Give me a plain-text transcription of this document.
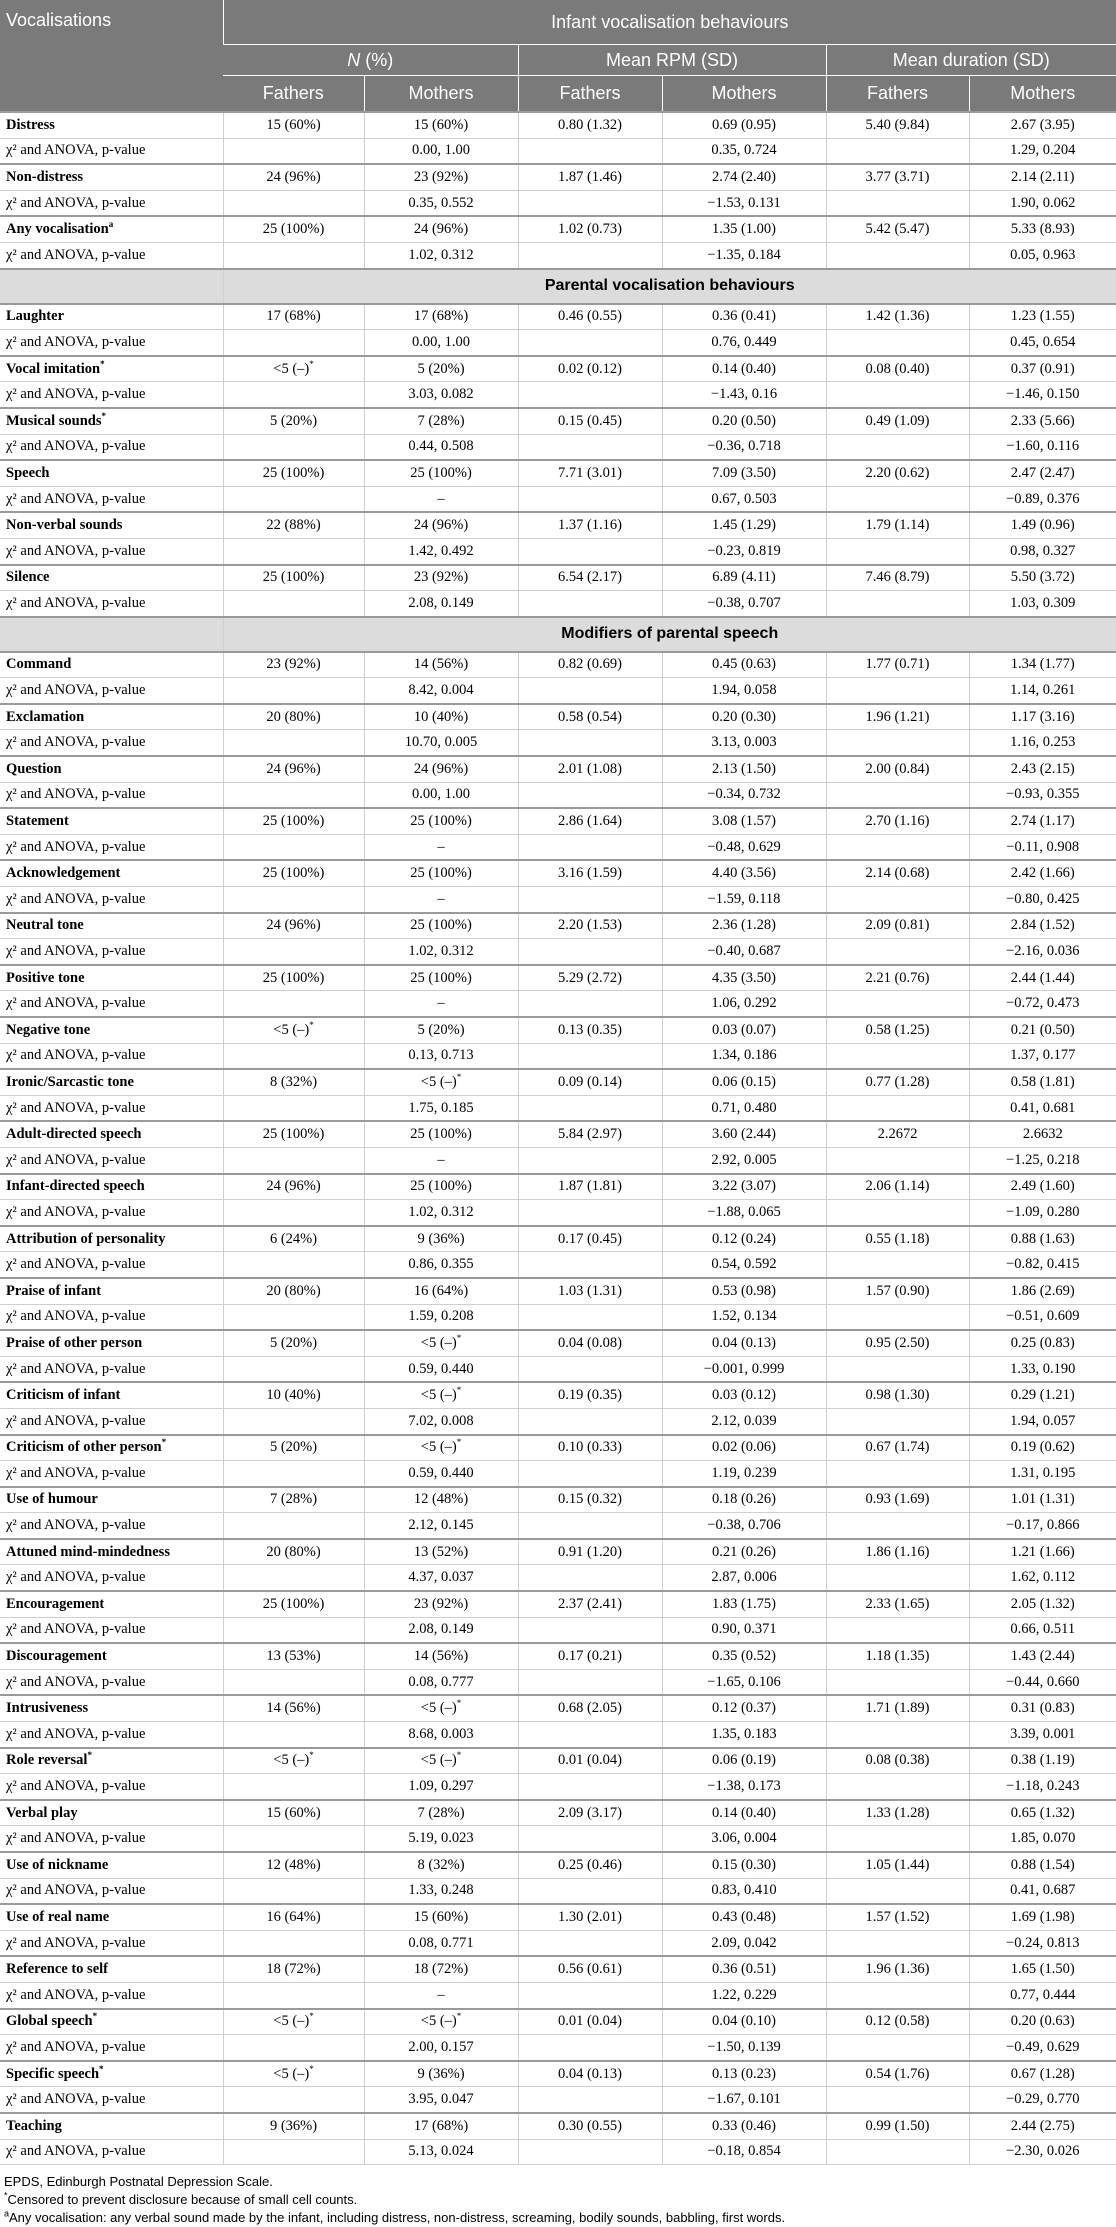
Vocalisations	Infant vocalisation behaviours					
	N (%)		Mean RPM (SD)		Mean duration (SD)	
	Fathers	Mothers	Fathers	Mothers	Fathers	Mothers
Distress	15 (60%)	15 (60%)	0.80 (1.32)	0.69 (0.95)	5.40 (9.84)	2.67 (3.95)
χ² and ANOVA, p-value		0.00, 1.00		0.35, 0.724		1.29, 0.204
Non-distress	24 (96%)	23 (92%)	1.87 (1.46)	2.74 (2.40)	3.77 (3.71)	2.14 (2.11)
χ² and ANOVA, p-value		0.35, 0.552		−1.53, 0.131		1.90, 0.062
Any vocalisation$^a$	25 (100%)	24 (96%)	1.02 (0.73)	1.35 (1.00)	5.42 (5.47)	5.33 (8.93)
χ² and ANOVA, p-value		1.02, 0.312		−1.35, 0.184		0.05, 0.963
	Parental vocalisation behaviours					
Laughter	17 (68%)	17 (68%)	0.46 (0.55)	0.36 (0.41)	1.42 (1.36)	1.23 (1.55)
χ² and ANOVA, p-value		0.00, 1.00		0.76, 0.449		0.45, 0.654
Vocal imitation*	<5 (–)*	5 (20%)	0.02 (0.12)	0.14 (0.40)	0.08 (0.40)	0.37 (0.91)
χ² and ANOVA, p-value		3.03, 0.082		−1.43, 0.16		−1.46, 0.150
Musical sounds*	5 (20%)	7 (28%)	0.15 (0.45)	0.20 (0.50)	0.49 (1.09)	2.33 (5.66)
χ² and ANOVA, p-value		0.44, 0.508		−0.36, 0.718		−1.60, 0.116
Speech	25 (100%)	25 (100%)	7.71 (3.01)	7.09 (3.50)	2.20 (0.62)	2.47 (2.47)
χ² and ANOVA, p-value		–		0.67, 0.503		−0.89, 0.376
Non-verbal sounds	22 (88%)	24 (96%)	1.37 (1.16)	1.45 (1.29)	1.79 (1.14)	1.49 (0.96)
χ² and ANOVA, p-value		1.42, 0.492		−0.23, 0.819		0.98, 0.327
Silence	25 (100%)	23 (92%)	6.54 (2.17)	6.89 (4.11)	7.46 (8.79)	5.50 (3.72)
χ² and ANOVA, p-value		2.08, 0.149		−0.38, 0.707		1.03, 0.309
	Modifiers of parental speech					
Command	23 (92%)	14 (56%)	0.82 (0.69)	0.45 (0.63)	1.77 (0.71)	1.34 (1.77)
χ² and ANOVA, p-value		8.42, 0.004		1.94, 0.058		1.14, 0.261
Exclamation	20 (80%)	10 (40%)	0.58 (0.54)	0.20 (0.30)	1.96 (1.21)	1.17 (3.16)
χ² and ANOVA, p-value		10.70, 0.005		3.13, 0.003		1.16, 0.253
Question	24 (96%)	24 (96%)	2.01 (1.08)	2.13 (1.50)	2.00 (0.84)	2.43 (2.15)
χ² and ANOVA, p-value		0.00, 1.00		−0.34, 0.732		−0.93, 0.355
Statement	25 (100%)	25 (100%)	2.86 (1.64)	3.08 (1.57)	2.70 (1.16)	2.74 (1.17)
χ² and ANOVA, p-value		–		−0.48, 0.629		−0.11, 0.908
Acknowledgement	25 (100%)	25 (100%)	3.16 (1.59)	4.40 (3.56)	2.14 (0.68)	2.42 (1.66)
χ² and ANOVA, p-value		–		−1.59, 0.118		−0.80, 0.425
Neutral tone	24 (96%)	25 (100%)	2.20 (1.53)	2.36 (1.28)	2.09 (0.81)	2.84 (1.52)
χ² and ANOVA, p-value		1.02, 0.312		−0.40, 0.687		−2.16, 0.036
Positive tone	25 (100%)	25 (100%)	5.29 (2.72)	4.35 (3.50)	2.21 (0.76)	2.44 (1.44)
χ² and ANOVA, p-value		–		1.06, 0.292		−0.72, 0.473
Negative tone	<5 (–)*	5 (20%)	0.13 (0.35)	0.03 (0.07)	0.58 (1.25)	0.21 (0.50)
χ² and ANOVA, p-value		0.13, 0.713		1.34, 0.186		1.37, 0.177
Ironic/Sarcastic tone	8 (32%)	<5 (–)*	0.09 (0.14)	0.06 (0.15)	0.77 (1.28)	0.58 (1.81)
χ² and ANOVA, p-value		1.75, 0.185		0.71, 0.480		0.41, 0.681
Adult-directed speech	25 (100%)	25 (100%)	5.84 (2.97)	3.60 (2.44)	2.2672	2.6632
χ² and ANOVA, p-value		–		2.92, 0.005		−1.25, 0.218
Infant-directed speech	24 (96%)	25 (100%)	1.87 (1.81)	3.22 (3.07)	2.06 (1.14)	2.49 (1.60)
χ² and ANOVA, p-value		1.02, 0.312		−1.88, 0.065		−1.09, 0.280
Attribution of personality	6 (24%)	9 (36%)	0.17 (0.45)	0.12 (0.24)	0.55 (1.18)	0.88 (1.63)
χ² and ANOVA, p-value		0.86, 0.355		0.54, 0.592		−0.82, 0.415
Praise of infant	20 (80%)	16 (64%)	1.03 (1.31)	0.53 (0.98)	1.57 (0.90)	1.86 (2.69)
χ² and ANOVA, p-value		1.59, 0.208		1.52, 0.134		−0.51, 0.609
Praise of other person	5 (20%)	<5 (–)*	0.04 (0.08)	0.04 (0.13)	0.95 (2.50)	0.25 (0.83)
χ² and ANOVA, p-value		0.59, 0.440		−0.001, 0.999		1.33, 0.190
Criticism of infant	10 (40%)	<5 (–)*	0.19 (0.35)	0.03 (0.12)	0.98 (1.30)	0.29 (1.21)
χ² and ANOVA, p-value		7.02, 0.008		2.12, 0.039		1.94, 0.057
Criticism of other person*	5 (20%)	<5 (–)*	0.10 (0.33)	0.02 (0.06)	0.67 (1.74)	0.19 (0.62)
χ² and ANOVA, p-value		0.59, 0.440		1.19, 0.239		1.31, 0.195
Use of humour	7 (28%)	12 (48%)	0.15 (0.32)	0.18 (0.26)	0.93 (1.69)	1.01 (1.31)
χ² and ANOVA, p-value		2.12, 0.145		−0.38, 0.706		−0.17, 0.866
Attuned mind-mindedness	20 (80%)	13 (52%)	0.91 (1.20)	0.21 (0.26)	1.86 (1.16)	1.21 (1.66)
χ² and ANOVA, p-value		4.37, 0.037		2.87, 0.006		1.62, 0.112
Encouragement	25 (100%)	23 (92%)	2.37 (2.41)	1.83 (1.75)	2.33 (1.65)	2.05 (1.32)
χ² and ANOVA, p-value		2.08, 0.149		0.90, 0.371		0.66, 0.511
Discouragement	13 (53%)	14 (56%)	0.17 (0.21)	0.35 (0.52)	1.18 (1.35)	1.43 (2.44)
χ² and ANOVA, p-value		0.08, 0.777		−1.65, 0.106		−0.44, 0.660
Intrusiveness	14 (56%)	<5 (–)*	0.68 (2.05)	0.12 (0.37)	1.71 (1.89)	0.31 (0.83)
χ² and ANOVA, p-value		8.68, 0.003		1.35, 0.183		3.39, 0.001
Role reversal*	<5 (–)*	<5 (–)*	0.01 (0.04)	0.06 (0.19)	0.08 (0.38)	0.38 (1.19)
χ² and ANOVA, p-value		1.09, 0.297		−1.38, 0.173		−1.18, 0.243
Verbal play	15 (60%)	7 (28%)	2.09 (3.17)	0.14 (0.40)	1.33 (1.28)	0.65 (1.32)
χ² and ANOVA, p-value		5.19, 0.023		3.06, 0.004		1.85, 0.070
Use of nickname	12 (48%)	8 (32%)	0.25 (0.46)	0.15 (0.30)	1.05 (1.44)	0.88 (1.54)
χ² and ANOVA, p-value		1.33, 0.248		0.83, 0.410		0.41, 0.687
Use of real name	16 (64%)	15 (60%)	1.30 (2.01)	0.43 (0.48)	1.57 (1.52)	1.69 (1.98)
χ² and ANOVA, p-value		0.08, 0.771		2.09, 0.042		−0.24, 0.813
Reference to self	18 (72%)	18 (72%)	0.56 (0.61)	0.36 (0.51)	1.96 (1.36)	1.65 (1.50)
χ² and ANOVA, p-value		–		1.22, 0.229		0.77, 0.444
Global speech*	<5 (–)*	<5 (–)*	0.01 (0.04)	0.04 (0.10)	0.12 (0.58)	0.20 (0.63)
χ² and ANOVA, p-value		2.00, 0.157		−1.50, 0.139		−0.49, 0.629
Specific speech*	<5 (–)*	9 (36%)	0.04 (0.13)	0.13 (0.23)	0.54 (1.76)	0.67 (1.28)
χ² and ANOVA, p-value		3.95, 0.047		−1.67, 0.101		−0.29, 0.770
Teaching	9 (36%)	17 (68%)	0.30 (0.55)	0.33 (0.46)	0.99 (1.50)	2.44 (2.75)
χ² and ANOVA, p-value		5.13, 0.024		−0.18, 0.854		−2.30, 0.026
EPDS, Edinburgh Postnatal Depression Scale.
*Censored to prevent disclosure because of small cell counts.
$^a$Any vocalisation: any verbal sound made by the infant, including distress, non-distress, screaming, bodily sounds, babbling, first words.
